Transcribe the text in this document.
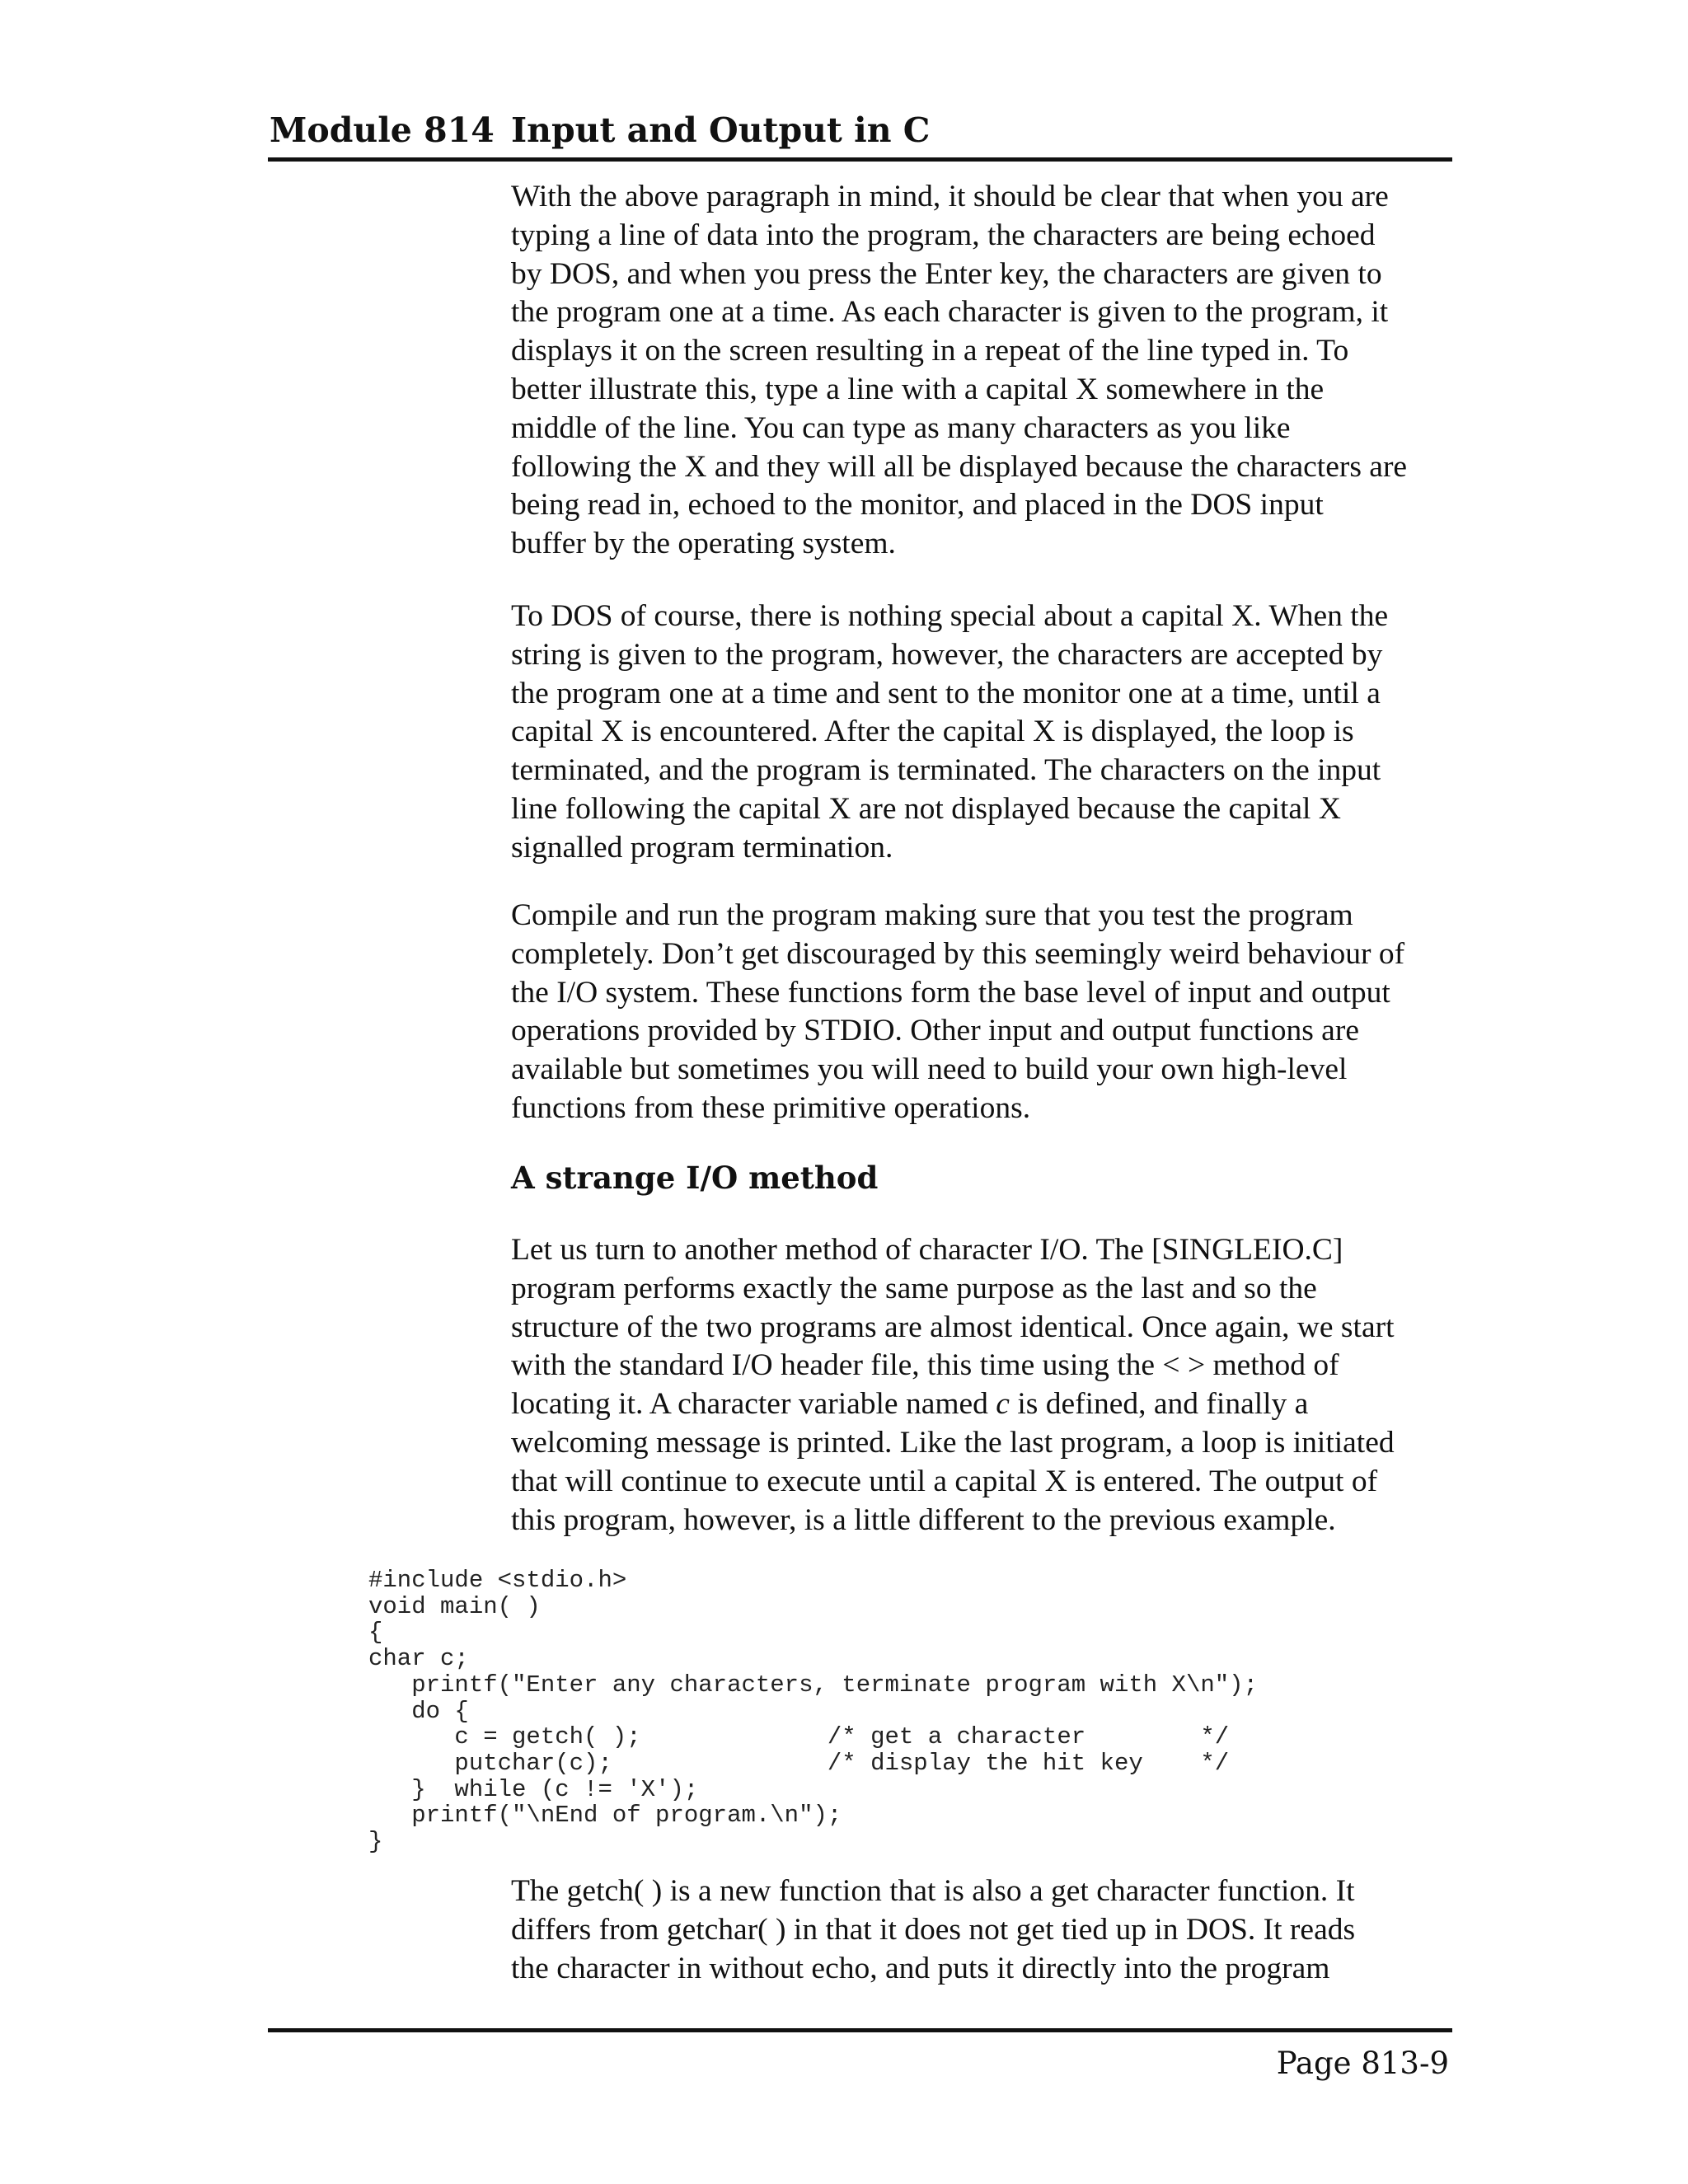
Module 814 Input and Output in C
With the above paragraph in mind, it should be clear that when you are
typing a line of data into the program, the characters are being echoed
by DOS, and when you press the Enter key, the characters are given to
the program one at a time. As each character is given to the program, it
displays it on the screen resulting in a repeat of the line typed in. To
better illustrate this, type a line with a capital X somewhere in the
middle of the line. You can type as many characters as you like
following the X and they will all be displayed because the characters are
being read in, echoed to the monitor, and placed in the DOS input
buffer by the operating system.
To DOS of course, there is nothing special about a capital X. When the
string is given to the program, however, the characters are accepted by
the program one at a time and sent to the monitor one at a time, until a
capital X is encountered. After the capital X is displayed, the loop is
terminated, and the program is terminated. The characters on the input
line following the capital X are not displayed because the capital X
signalled program termination.
Compile and run the program making sure that you test the program
completely. Don’t get discouraged by this seemingly weird behaviour of
the I/O system. These functions form the base level of input and output
operations provided by STDIO. Other input and output functions are
available but sometimes you will need to build your own high-level
functions from these primitive operations.
A strange I/O method
Let us turn to another method of character I/O. The [SINGLEIO.C]
program performs exactly the same purpose as the last and so the
structure of the two programs are almost identical. Once again, we start
with the standard I/O header file, this time using the < > method of
locating it. A character variable named c is defined, and finally a
welcoming message is printed. Like the last program, a loop is initiated
that will continue to execute until a capital X is entered. The output of
this program, however, is a little different to the previous example.
#include <stdio.h>
void main( )
{
char c;
printf("Enter any characters, terminate program with X\n");
do {
c = getch( );             /* get a character        */
putchar(c);               /* display the hit key    */
}  while (c != 'X');
printf("\nEnd of program.\n");
}
The getch( ) is a new function that is also a get character function. It
differs from getchar( ) in that it does not get tied up in DOS. It reads
the character in without echo, and puts it directly into the program
Page 813-9
